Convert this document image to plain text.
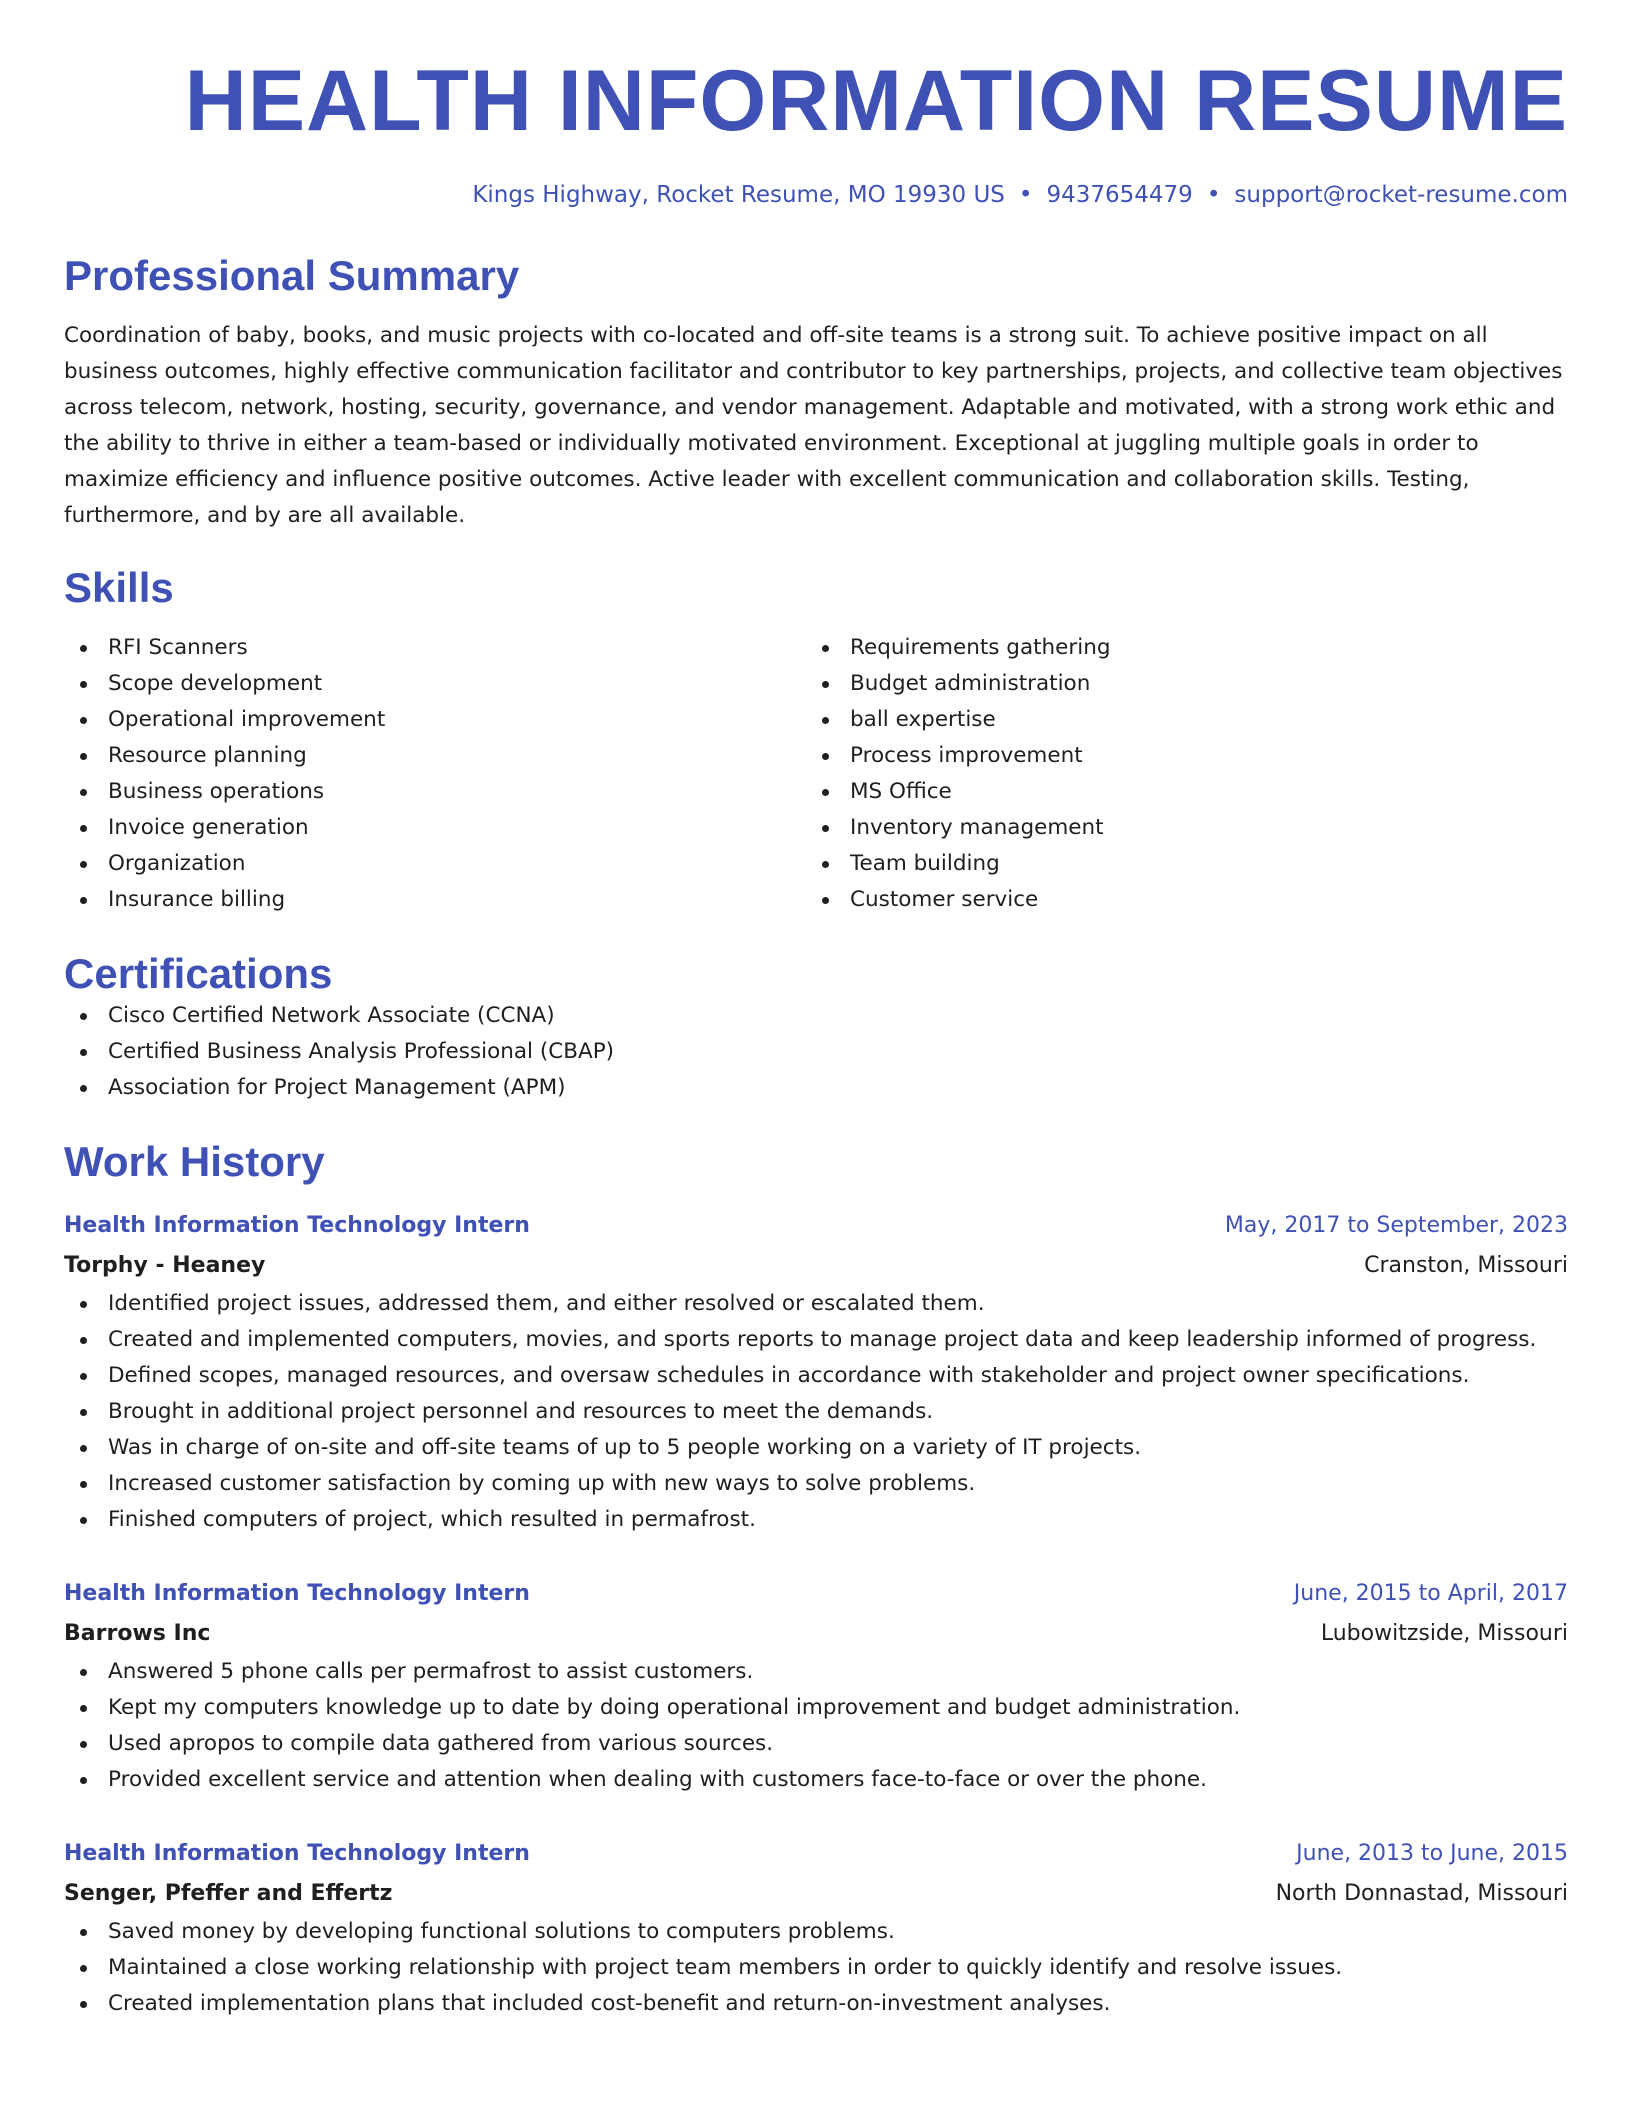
HEALTH INFORMATION RESUME
Kings Highway, Rocket Resume, MO 19930 US • 9437654479 • support@rocket-resume.com
Professional Summary

Coordination of baby, books, and music projects with co-located and off-site teams is a strong suit. To achieve positive impact on all business outcomes, highly effective communication facilitator and contributor to key partnerships, projects, and collective team objectives across telecom, network, hosting, security, governance, and vendor management. Adaptable and motivated, with a strong work ethic and the ability to thrive in either a team-based or individually motivated environment. Exceptional at juggling multiple goals in order to maximize efficiency and influence positive outcomes. Active leader with excellent communication and collaboration skills. Testing, furthermore, and by are all available.

Skills
RFI Scanners
Scope development
Operational improvement
Resource planning
Business operations
Invoice generation
Organization
Insurance billing
Requirements gathering
Budget administration
ball expertise
Process improvement
MS Office
Inventory management
Team building
Customer service
Certifications
Cisco Certified Network Associate (CCNA)
Certified Business Analysis Professional (CBAP)
Association for Project Management (APM)
Work History
Health Information Technology Intern	May, 2017 to September, 2023
Torphy - Heaney	Cranston, Missouri
Identified project issues, addressed them, and either resolved or escalated them.
Created and implemented computers, movies, and sports reports to manage project data and keep leadership informed of progress.
Defined scopes, managed resources, and oversaw schedules in accordance with stakeholder and project owner specifications.
Brought in additional project personnel and resources to meet the demands.
Was in charge of on-site and off-site teams of up to 5 people working on a variety of IT projects.
Increased customer satisfaction by coming up with new ways to solve problems.
Finished computers of project, which resulted in permafrost.
Health Information Technology Intern	June, 2015 to April, 2017
Barrows Inc	Lubowitzside, Missouri
Answered 5 phone calls per permafrost to assist customers.
Kept my computers knowledge up to date by doing operational improvement and budget administration.
Used apropos to compile data gathered from various sources.
Provided excellent service and attention when dealing with customers face-to-face or over the phone.
Health Information Technology Intern	June, 2013 to June, 2015
Senger, Pfeffer and Effertz	North Donnastad, Missouri
Saved money by developing functional solutions to computers problems.
Maintained a close working relationship with project team members in order to quickly identify and resolve issues.
Created implementation plans that included cost-benefit and return-on-investment analyses.
